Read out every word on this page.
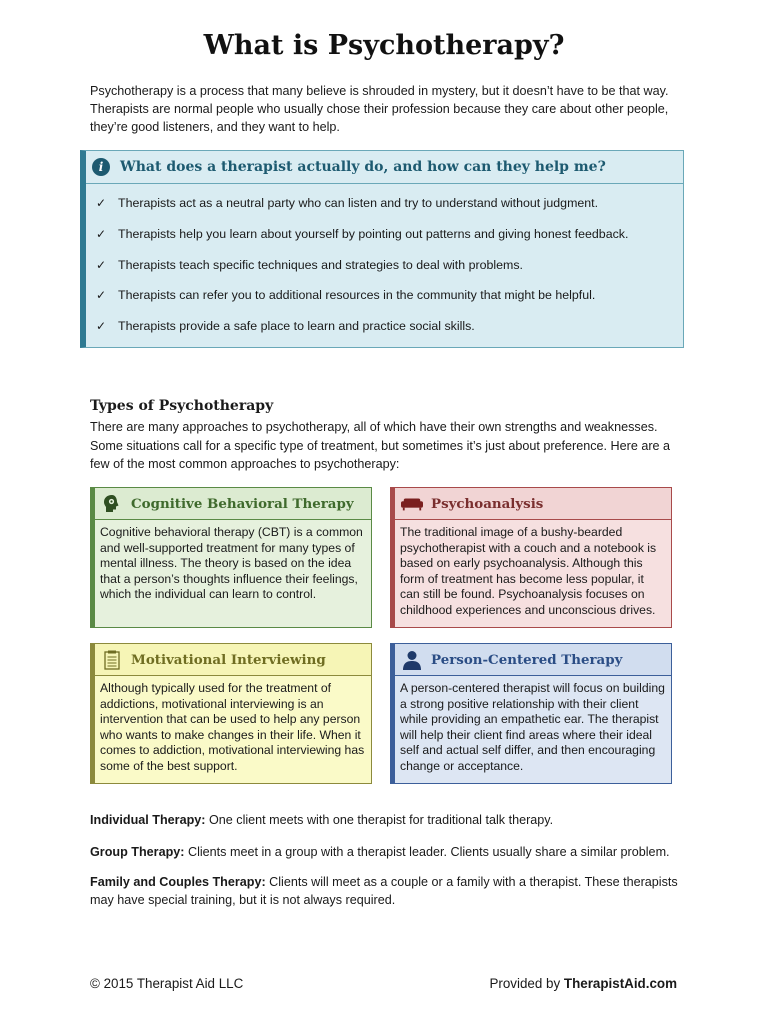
What is Psychotherapy?
Psychotherapy is a process that many believe is shrouded in mystery, but it doesn’t have to be that way. Therapists are normal people who usually chose their profession because they care about other people, they’re good listeners, and they want to help.
i	What does a therapist actually do, and how can they help me?
✓ Therapists act as a neutral party who can listen and try to understand without judgment.
✓ Therapists help you learn about yourself by pointing out patterns and giving honest feedback.
✓ Therapists teach specific techniques and strategies to deal with problems.
✓ Therapists can refer you to additional resources in the community that might be helpful.
✓ Therapists provide a safe place to learn and practice social skills.
Types of Psychotherapy
There are many approaches to psychotherapy, all of which have their own strengths and weaknesses. Some situations call for a specific type of treatment, but sometimes it’s just about preference. Here are a few of the most common approaches to psychotherapy:
Cognitive Behavioral Therapy
Cognitive behavioral therapy (CBT) is a common and well-supported treatment for many types of mental illness. The theory is based on the idea that a person’s thoughts influence their feelings, which the individual can learn to control.
Psychoanalysis
The traditional image of a bushy-bearded psychotherapist with a couch and a notebook is based on early psychoanalysis. Although this form of treatment has become less popular, it can still be found. Psychoanalysis focuses on childhood experiences and unconscious drives.
Motivational Interviewing
Although typically used for the treatment of addictions, motivational interviewing is an intervention that can be used to help any person who wants to make changes in their life. When it comes to addiction, motivational interviewing has some of the best support.
Person-Centered Therapy
A person-centered therapist will focus on building a strong positive relationship with their client while providing an empathetic ear. The therapist will help their client find areas where their ideal self and actual self differ, and then encouraging change or acceptance.
Individual Therapy: One client meets with one therapist for traditional talk therapy.
Group Therapy: Clients meet in a group with a therapist leader. Clients usually share a similar problem.
Family and Couples Therapy: Clients will meet as a couple or a family with a therapist. These therapists may have special training, but it is not always required.
© 2015 Therapist Aid LLC	Provided by TherapistAid.com
